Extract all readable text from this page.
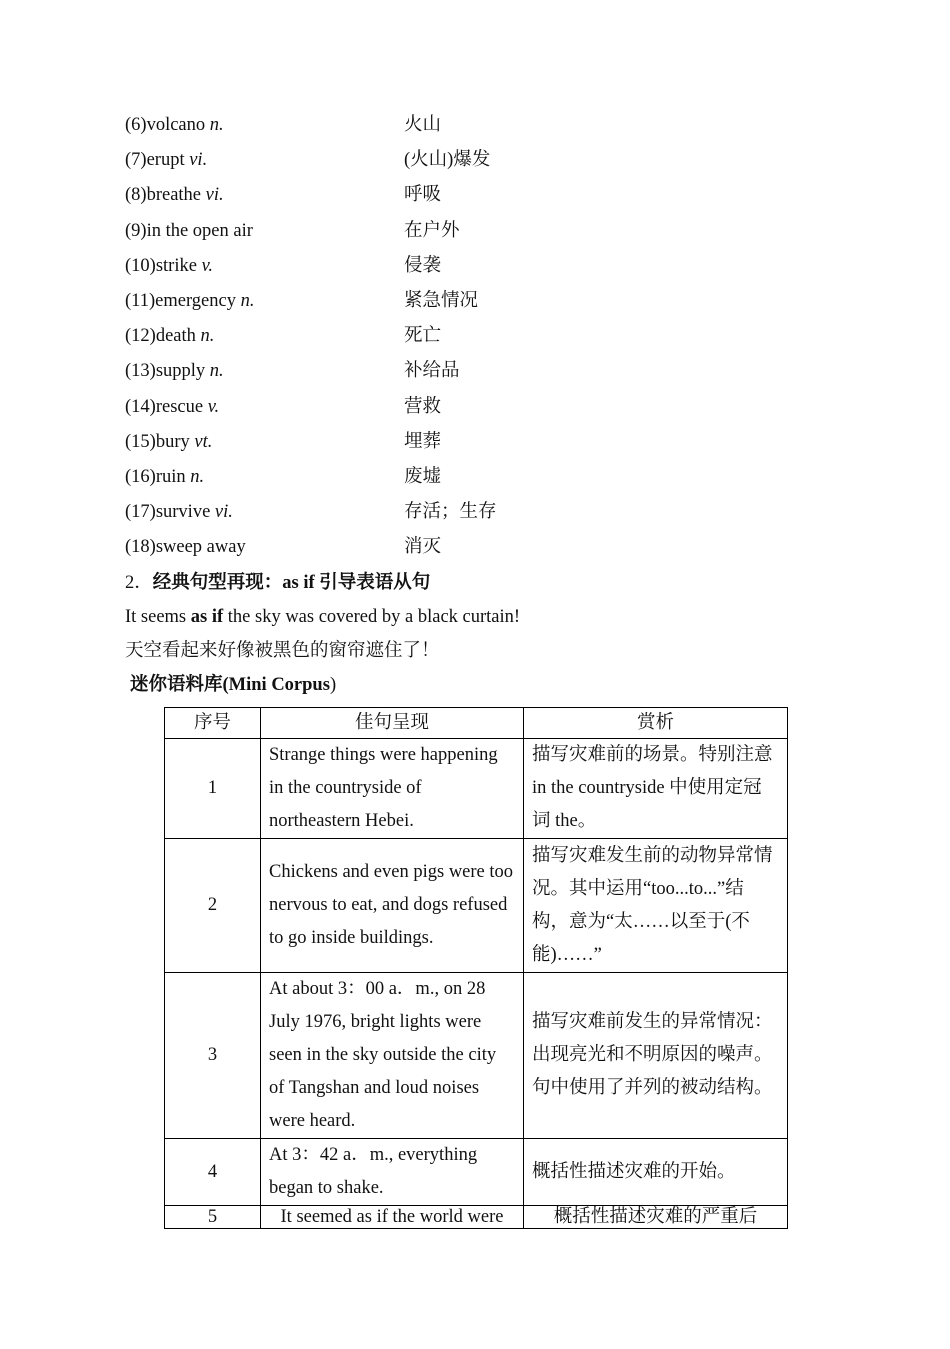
(6)volcano n.	火山
(7)erupt vi.	(火山)爆发
(8)breathe vi.	呼吸
(9)in the open air	在户外
(10)strike v.	侵袭
(11)emergency n.	紧急情况
(12)death n.	死亡
(13)supply n.	补给品
(14)rescue v.	营救
(15)bury vt.	埋葬
(16)ruin n.	废墟
(17)survive vi.	存活；生存
(18)sweep away	消灭
2．经典句型再现：as if 引导表语从句
It seems as if the sky was covered by a black curtain!
天空看起来好像被黑色的窗帘遮住了！
迷你语料库(Mini Corpus)
序号	佳句呈现	赏析
1	Strange things were happening in the countryside of northeastern Hebei.	描写灾难前的场景。特别注意 in the countryside 中使用定冠词 the。
2	Chickens and even pigs were too nervous to eat, and dogs refused to go inside buildings.	描写灾难发生前的动物异常情况。其中运用“too...to...”结构，意为“太……以至于(不能)……”
3	At about 3：00 a．m., on 28 July 1976, bright lights were seen in the sky outside the city of Tangshan and loud noises were heard.	描写灾难前发生的异常情况：出现亮光和不明原因的噪声。句中使用了并列的被动结构。
4	At 3：42 a．m., everything began to shake.	概括性描述灾难的开始。
5	It seemed as if the world were	概括性描述灾难的严重后
